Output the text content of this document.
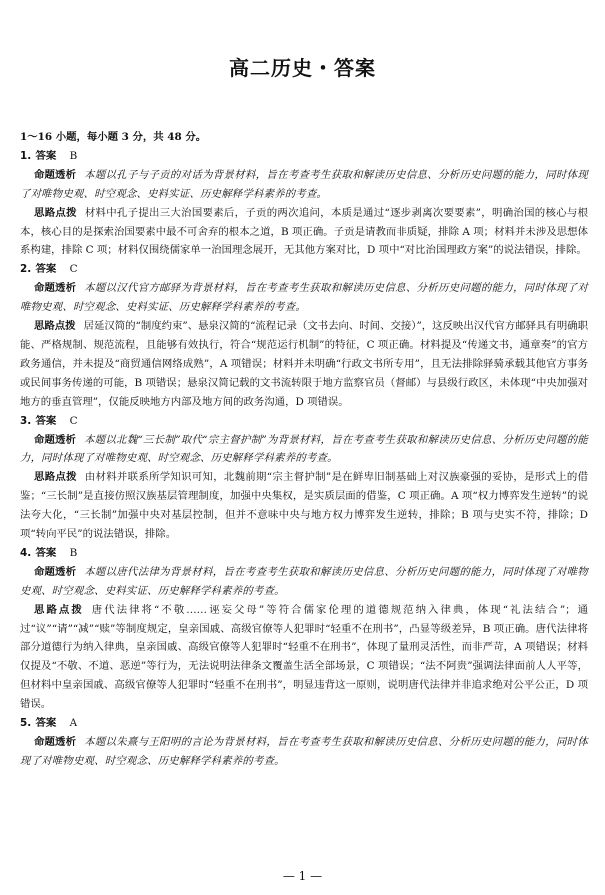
高二历史・答案

1～16 小题，每小题 3 分，共 48 分。

1. 答案 B

命题透析 本题以孔子与子贡的对话为背景材料，旨在考查考生获取和解读历史信息、分析历史问题的能力，同时体现了对唯物史观、时空观念、史料实证、历史解释学科素养的考查。

思路点拨 材料中孔子提出三大治国要素后，子贡的两次追问，本质是通过“逐步剥离次要要素”，明确治国的核心与根本，核心目的是探索治国要素中最不可舍弃的根本之道，B 项正确。子贡是请教而非质疑，排除 A 项；材料并未涉及思想体系构建，排除 C 项；材料仅围绕儒家单一治国理念展开，无其他方案对比，D 项中“对比治国理政方案”的说法错误，排除。

2. 答案 C

命题透析 本题以汉代官方邮驿为背景材料，旨在考查考生获取和解读历史信息、分析历史问题的能力，同时体现了对唯物史观、时空观念、史料实证、历史解释学科素养的考查。

思路点拨 居延汉简的“制度约束”、悬泉汉简的“流程记录（文书去向、时间、交接）”，这反映出汉代官方邮驿具有明确职能、严格规制、规范流程，且能够有效执行，符合“规范运行机制”的特征，C 项正确。材料提及“传递文书，通章奏”的官方政务通信，并未提及“商贸通信网络成熟”，A 项错误；材料并未明确“行政文书所专用”，且无法排除驿骑承载其他官方事务或民间事务传递的可能，B 项错误；悬泉汉简记载的文书流转限于地方监察官员（督邮）与县级行政区，未体现“中央加强对地方的垂直管理”，仅能反映地方内部及地方间的政务沟通，D 项错误。

3. 答案 C

命题透析 本题以北魏“三长制”取代“宗主督护制”为背景材料，旨在考查考生获取和解读历史信息、分析历史问题的能力，同时体现了对唯物史观、时空观念、历史解释学科素养的考查。

思路点拨 由材料并联系所学知识可知，北魏前期“宗主督护制”是在鲜卑旧制基础上对汉族豪强的妥协，是形式上的借鉴；“三长制”是直接仿照汉族基层管理制度，加强中央集权，是实质层面的借鉴，C 项正确。A 项“权力博弈发生逆转”的说法夸大化，“三长制”加强中央对基层控制，但并不意味中央与地方权力博弈发生逆转，排除；B 项与史实不符，排除；D 项“转向平民”的说法错误，排除。

4. 答案 B

命题透析 本题以唐代法律为背景材料，旨在考查考生获取和解读历史信息、分析历史问题的能力，同时体现了对唯物史观、时空观念、史料实证、历史解释学科素养的考查。

思路点拨 唐代法律将“不敬……诬妄父母”等符合儒家伦理的道德规范纳入律典，体现“礼法结合”；通过“议”“请”“减”“赎”等制度规定，皇亲国戚、高级官僚等人犯罪时“轻重不在刑书”，凸显等级差异，B 项正确。唐代法律将部分道德行为纳入律典，皇亲国戚、高级官僚等人犯罪时“轻重不在刑书”，体现了量刑灵活性，而非严苛，A 项错误；材料仅提及“不敬、不道、恶逆”等行为，无法说明法律条文覆盖生活全部场景，C 项错误；“法不阿贵”强调法律面前人人平等，但材料中皇亲国戚、高级官僚等人犯罪时“轻重不在刑书”，明显违背这一原则，说明唐代法律并非追求绝对公平公正，D 项错误。

5. 答案 A

命题透析 本题以朱熹与王阳明的言论为背景材料，旨在考查考生获取和解读历史信息、分析历史问题的能力，同时体现了对唯物史观、时空观念、历史解释学科素养的考查。

— 1 —
